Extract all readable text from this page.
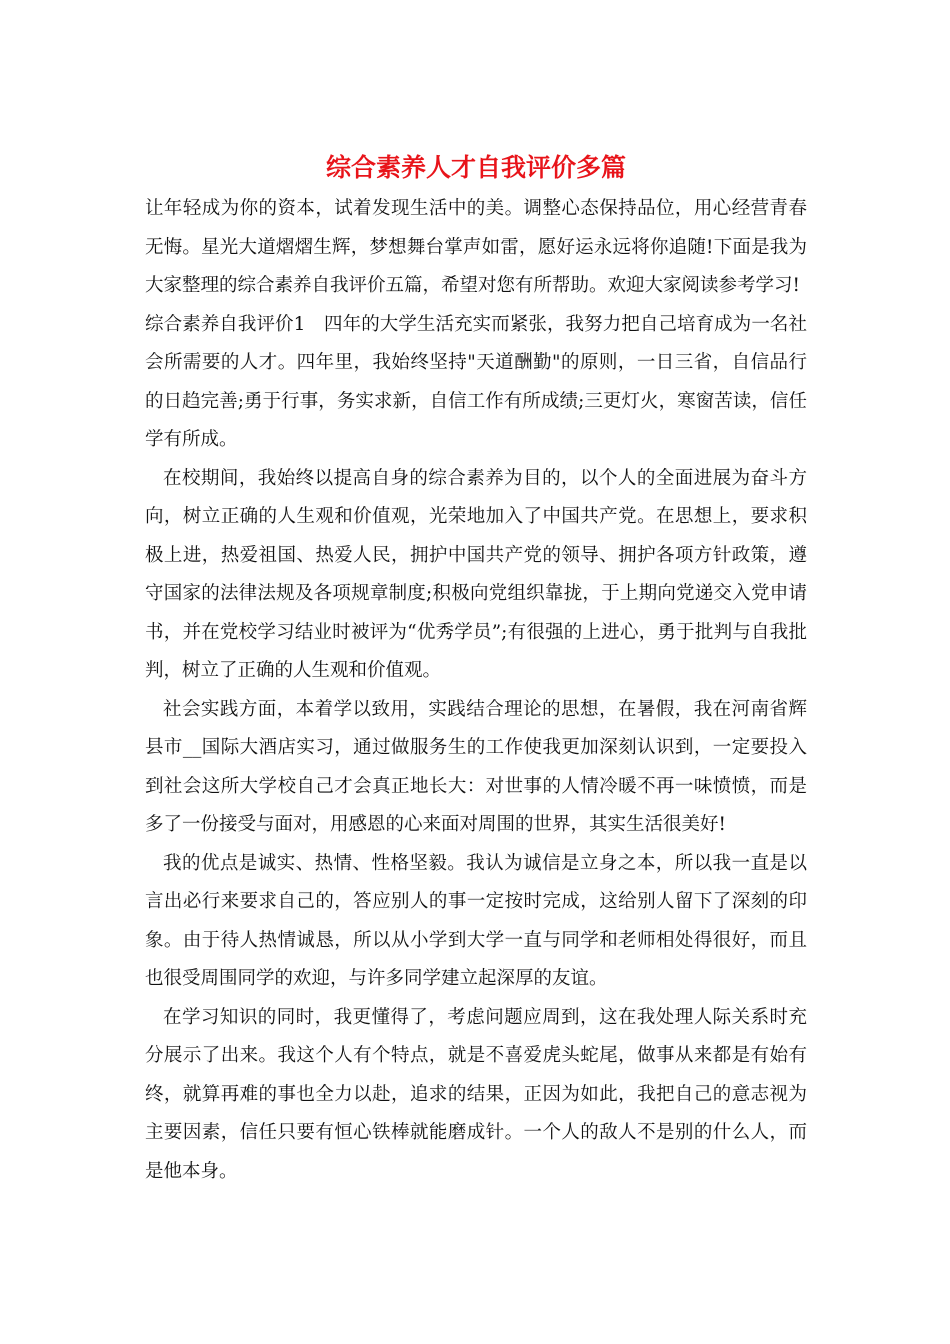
综合素养人才自我评价多篇

让年轻成为你的资本，试着发现生活中的美。调整心态保持品位，用心经营青春无悔。星光大道熠熠生辉，梦想舞台掌声如雷，愿好运永远将你追随!下面是我为大家整理的综合素养自我评价五篇，希望对您有所帮助。欢迎大家阅读参考学习!

综合素养自我评价1　四年的大学生活充实而紧张，我努力把自己培育成为一名社会所需要的人才。四年里，我始终坚持"天道酬勤"的原则，一日三省，自信品行的日趋完善;勇于行事，务实求新，自信工作有所成绩;三更灯火，寒窗苦读，信任学有所成。

在校期间，我始终以提高自身的综合素养为目的，以个人的全面进展为奋斗方向，树立正确的人生观和价值观，光荣地加入了中国共产党。在思想上，要求积极上进，热爱祖国、热爱人民，拥护中国共产党的领导、拥护各项方针政策，遵守国家的法律法规及各项规章制度;积极向党组织靠拢，于上期向党递交入党申请书，并在党校学习结业时被评为“优秀学员”;有很强的上进心，勇于批判与自我批判，树立了正确的人生观和价值观。

社会实践方面，本着学以致用，实践结合理论的思想，在暑假，我在河南省辉县市__国际大酒店实习，通过做服务生的工作使我更加深刻认识到，一定要投入到社会这所大学校自己才会真正地长大：对世事的人情冷暖不再一味愤愤，而是多了一份接受与面对，用感恩的心来面对周围的世界，其实生活很美好!

我的优点是诚实、热情、性格坚毅。我认为诚信是立身之本，所以我一直是以言出必行来要求自己的，答应别人的事一定按时完成，这给别人留下了深刻的印象。由于待人热情诚恳，所以从小学到大学一直与同学和老师相处得很好，而且也很受周围同学的欢迎，与许多同学建立起深厚的友谊。

在学习知识的同时，我更懂得了，考虑问题应周到，这在我处理人际关系时充分展示了出来。我这个人有个特点，就是不喜爱虎头蛇尾，做事从来都是有始有终，就算再难的事也全力以赴，追求的结果，正因为如此，我把自己的意志视为主要因素，信任只要有恒心铁棒就能磨成针。一个人的敌人不是别的什么人，而是他本身。
